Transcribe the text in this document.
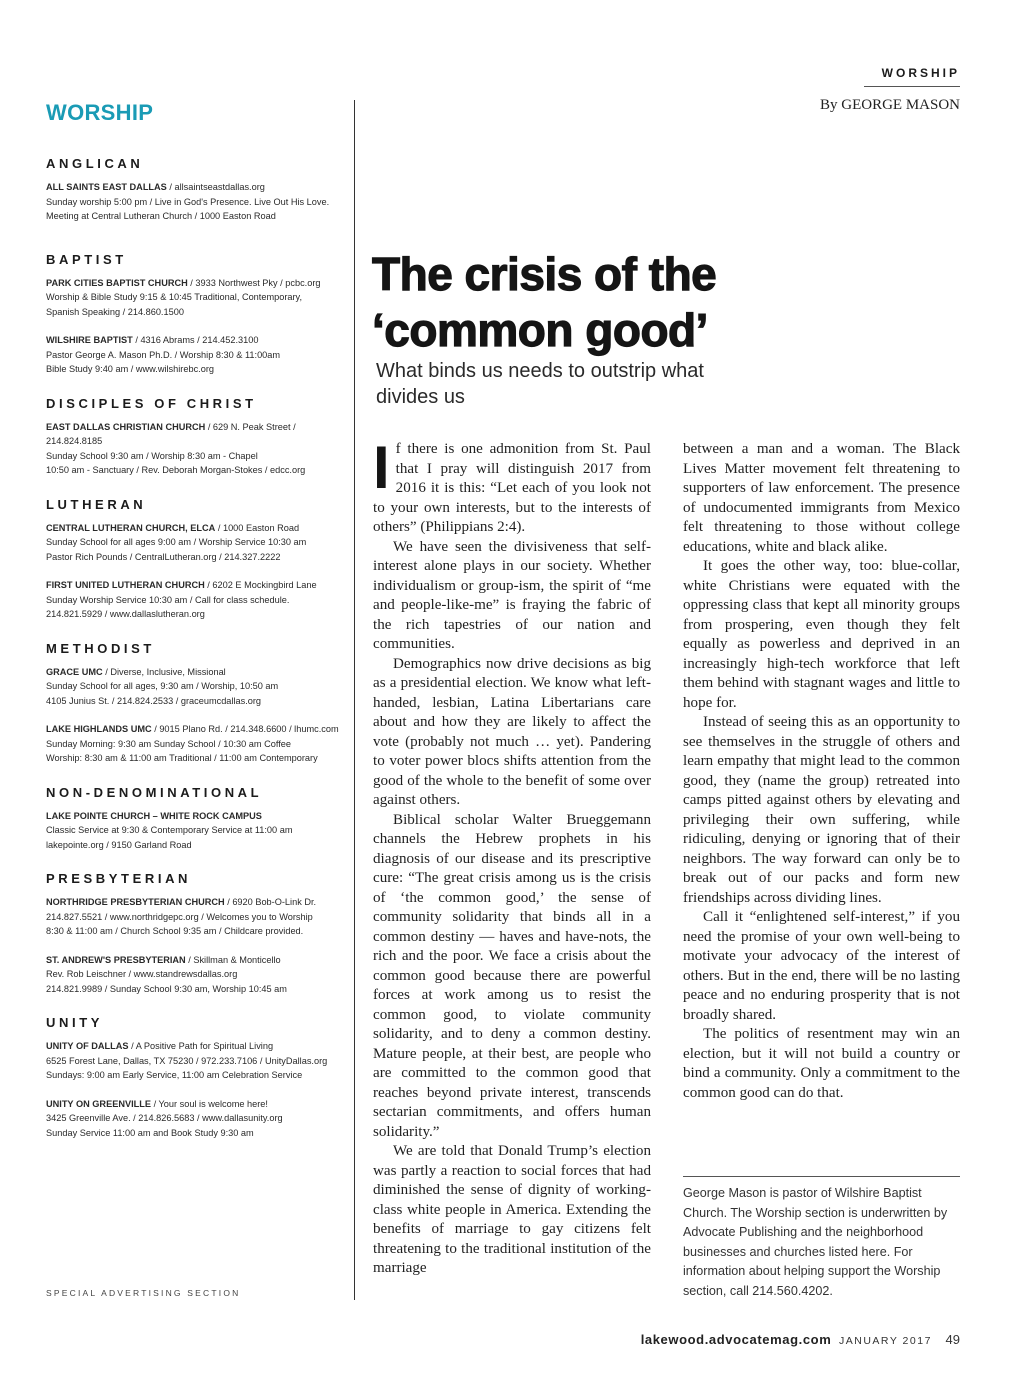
WORSHIP
ANGLICAN
ALL SAINTS EAST DALLAS / allsaintseastdallas.org
Sunday worship 5:00 pm / Live in God's Presence. Live Out His Love.
Meeting at Central Lutheran Church / 1000 Easton Road
BAPTIST
PARK CITIES BAPTIST CHURCH / 3933 Northwest Pky / pcbc.org
Worship & Bible Study 9:15 & 10:45 Traditional, Contemporary,
Spanish Speaking / 214.860.1500
WILSHIRE BAPTIST / 4316 Abrams / 214.452.3100
Pastor George A. Mason Ph.D. / Worship 8:30 & 11:00am
Bible Study 9:40 am / www.wilshirebc.org
DISCIPLES OF CHRIST
EAST DALLAS CHRISTIAN CHURCH / 629 N. Peak Street / 214.824.8185
Sunday School 9:30 am / Worship 8:30 am - Chapel
10:50 am - Sanctuary / Rev. Deborah Morgan-Stokes / edcc.org
LUTHERAN
CENTRAL LUTHERAN CHURCH, ELCA / 1000 Easton Road
Sunday School for all ages 9:00 am / Worship Service 10:30 am
Pastor Rich Pounds / CentralLutheran.org / 214.327.2222
FIRST UNITED LUTHERAN CHURCH / 6202 E Mockingbird Lane
Sunday Worship Service 10:30 am / Call for class schedule.
214.821.5929 / www.dallaslutheran.org
METHODIST
GRACE UMC / Diverse, Inclusive, Missional
Sunday School for all ages, 9:30 am / Worship, 10:50 am
4105 Junius St. / 214.824.2533 / graceumcdallas.org
LAKE HIGHLANDS UMC / 9015 Plano Rd. / 214.348.6600 / lhumc.com
Sunday Morning: 9:30 am Sunday School / 10:30 am Coffee
Worship: 8:30 am & 11:00 am Traditional / 11:00 am Contemporary
NON-DENOMINATIONAL
LAKE POINTE CHURCH – WHITE ROCK CAMPUS
Classic Service at 9:30 & Contemporary Service at 11:00 am
lakepointe.org / 9150 Garland Road
PRESBYTERIAN
NORTHRIDGE PRESBYTERIAN CHURCH / 6920 Bob-O-Link Dr.
214.827.5521 / www.northridgepc.org / Welcomes you to Worship
8:30 & 11:00 am / Church School 9:35 am / Childcare provided.
ST. ANDREW'S PRESBYTERIAN / Skillman & Monticello
Rev. Rob Leischner / www.standrewsdallas.org
214.821.9989 / Sunday School 9:30 am, Worship 10:45 am
UNITY
UNITY OF DALLAS / A Positive Path for Spiritual Living
6525 Forest Lane, Dallas, TX 75230 / 972.233.7106 / UnityDallas.org
Sundays: 9:00 am Early Service, 11:00 am Celebration Service
UNITY ON GREENVILLE / Your soul is welcome here!
3425 Greenville Ave. / 214.826.5683 / www.dallasunity.org
Sunday Service 11:00 am and Book Study 9:30 am
SPECIAL ADVERTISING SECTION
WORSHIP
By GEORGE MASON
The crisis of the
‘common good’
What binds us needs to outstrip what divides us

If there is one admonition from St. Paul that I pray will distinguish 2017 from 2016 it is this: “Let each of you look not to your own interests, but to the interests of others” (Philippians 2:4).

We have seen the divisiveness that self-interest alone plays in our society. Whether individualism or group-ism, the spirit of “me and people-like-me” is fraying the fabric of the rich tapestries of our nation and communities.

Demographics now drive decisions as big as a presidential election. We know what left-handed, lesbian, Latina Libertarians care about and how they are likely to affect the vote (probably not much … yet). Pandering to voter power blocs shifts attention from the good of the whole to the benefit of some over against others.

Biblical scholar Walter Brueggemann channels the Hebrew prophets in his diagnosis of our disease and its prescriptive cure: “The great crisis among us is the crisis of ‘the common good,’ the sense of community solidarity that binds all in a common destiny — haves and have-nots, the rich and the poor. We face a crisis about the common good because there are powerful forces at work among us to resist the common good, to violate community solidarity, and to deny a common destiny. Mature people, at their best, are people who are committed to the common good that reaches beyond private interest, transcends sectarian commitments, and offers human solidarity.”

We are told that Donald Trump’s election was partly a reaction to social forces that had diminished the sense of dignity of working-class white people in America. Extending the benefits of marriage to gay citizens felt threatening to the traditional institution of the marriage

between a man and a woman. The Black Lives Matter movement felt threatening to supporters of law enforcement. The presence of undocumented immigrants from Mexico felt threatening to those without college educations, white and black alike.

It goes the other way, too: blue-collar, white Christians were equated with the oppressing class that kept all minority groups from prospering, even though they felt equally as powerless and deprived in an increasingly high-tech workforce that left them behind with stagnant wages and little to hope for.

Instead of seeing this as an opportunity to see themselves in the struggle of others and learn empathy that might lead to the common good, they (name the group) retreated into camps pitted against others by elevating and privileging their own suffering, while ridiculing, denying or ignoring that of their neighbors. The way forward can only be to break out of our packs and form new friendships across dividing lines.

Call it “enlightened self-interest,” if you need the promise of your own well-being to motivate your advocacy of the interest of others. But in the end, there will be no lasting peace and no enduring prosperity that is not broadly shared.

The politics of resentment may win an election, but it will not build a country or bind a community. Only a commitment to the common good can do that.

George Mason is pastor of Wilshire Baptist Church. The Worship section is underwritten by Advocate Publishing and the neighborhood businesses and churches listed here. For information about helping support the Worship section, call 214.560.4202.
lakewood.advocatemag.com JANUARY 2017 49
